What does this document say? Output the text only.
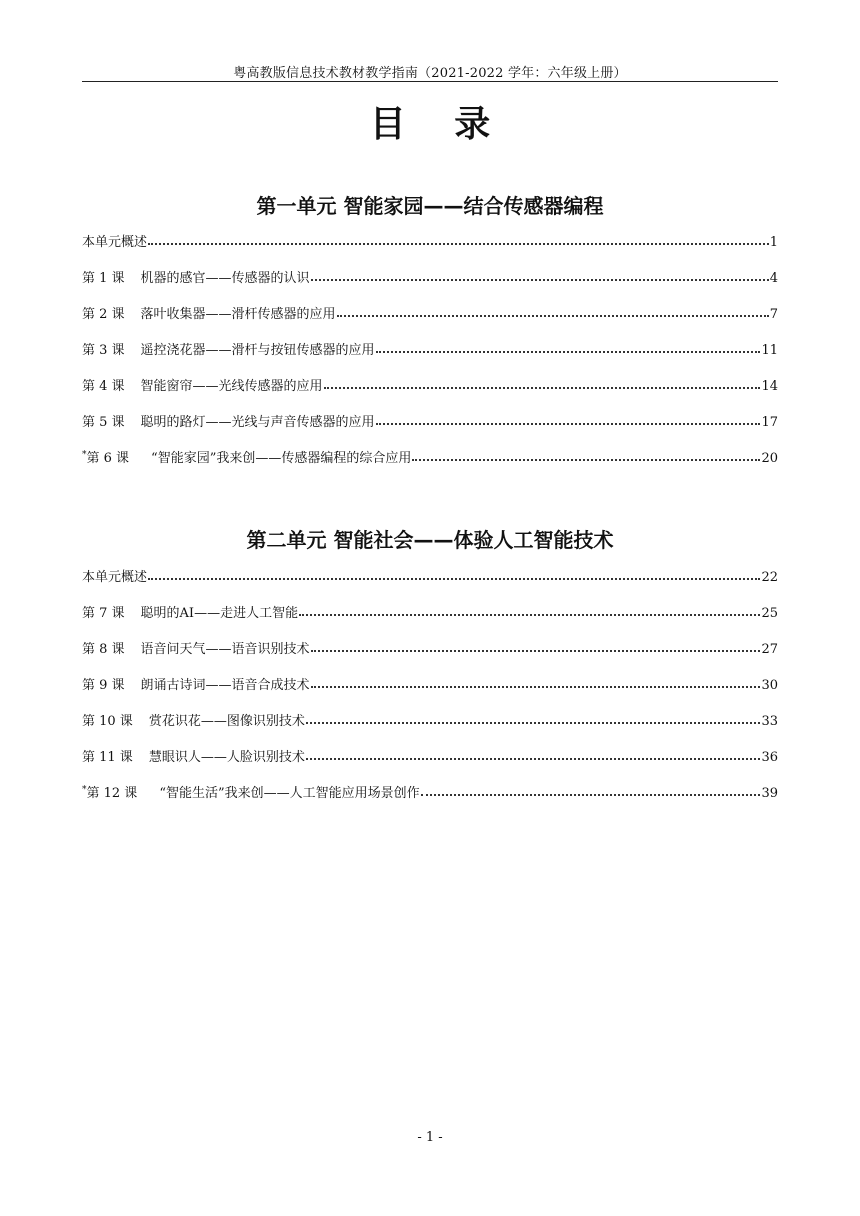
粤高教版信息技术教材教学指南（2021-2022 学年：六年级上册）
目 录
第一单元 智能家园——结合传感器编程
本单元概述	1
第 1 课 机器的感官——传感器的认识	4
第 2 课 落叶收集器——滑杆传感器的应用	7
第 3 课 遥控浇花器——滑杆与按钮传感器的应用	11
第 4 课 智能窗帘——光线传感器的应用	14
第 5 课 聪明的路灯——光线与声音传感器的应用	17
* 第 6 课 “智能家园”我来创——传感器编程的综合应用	20
第二单元 智能社会——体验人工智能技术
本单元概述	22
第 7 课 聪明的AI——走进人工智能	25
第 8 课 语音问天气——语音识别技术	27
第 9 课 朗诵古诗词——语音合成技术	30
第 10 课 赏花识花——图像识别技术	33
第 11 课 慧眼识人——人脸识别技术	36
* 第 12 课 “智能生活”我来创——人工智能应用场景创作	39
- 1 -
